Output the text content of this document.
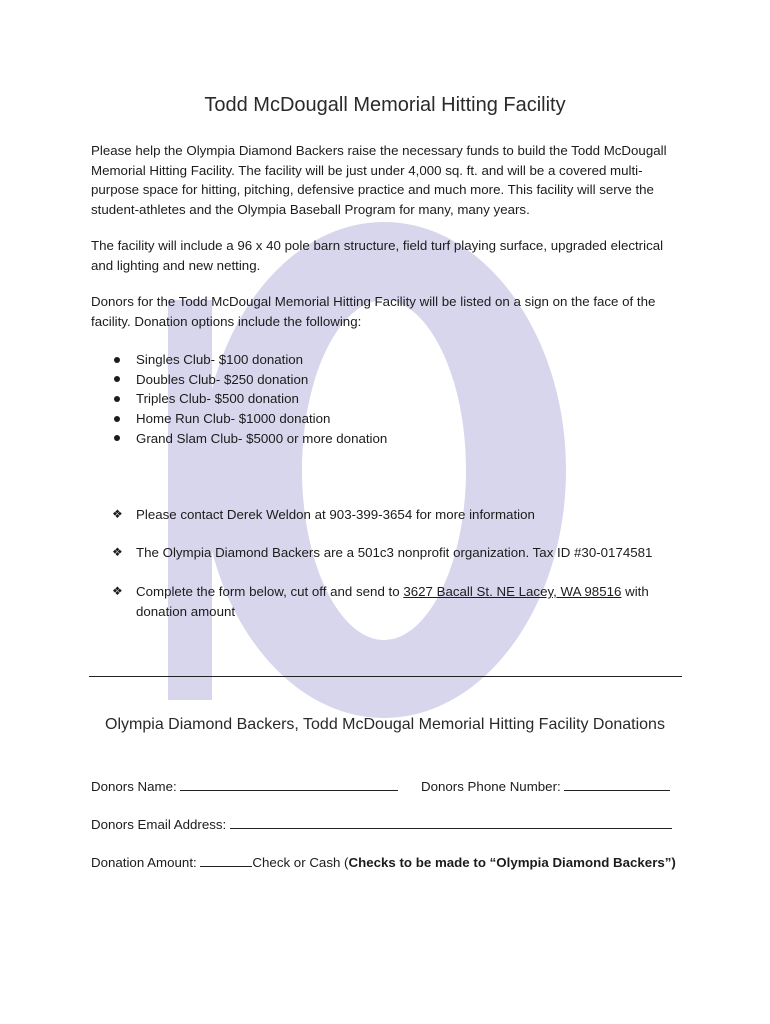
Todd McDougall Memorial Hitting Facility

Please help the Olympia Diamond Backers raise the necessary funds to build the Todd McDougall Memorial Hitting Facility. The facility will be just under 4,000 sq. ft. and will be a covered multi-purpose space for hitting, pitching, defensive practice and much more. This facility will serve the student-athletes and the Olympia Baseball Program for many, many years.

The facility will include a 96 x 40 pole barn structure, field turf playing surface, upgraded electrical and lighting and new netting.

Donors for the Todd McDougal Memorial Hitting Facility will be listed on a sign on the face of the facility. Donation options include the following:

Singles Club- $100 donation
Doubles Club- $250 donation
Triples Club- $500 donation
Home Run Club- $1000 donation
Grand Slam Club- $5000 or more donation
❖ Please contact Derek Weldon at 903-399-3654 for more information
❖ The Olympia Diamond Backers are a 501c3 nonprofit organization. Tax ID #30-0174581
❖ Complete the form below, cut off and send to 3627 Bacall St. NE Lacey, WA 98516 with donation amount
Olympia Diamond Backers, Todd McDougal Memorial Hitting Facility Donations
Donors Name:	Donors Phone Number:
Donors Email Address:
Donation Amount:	Check or Cash (Checks to be made to “Olympia Diamond Backers”)
